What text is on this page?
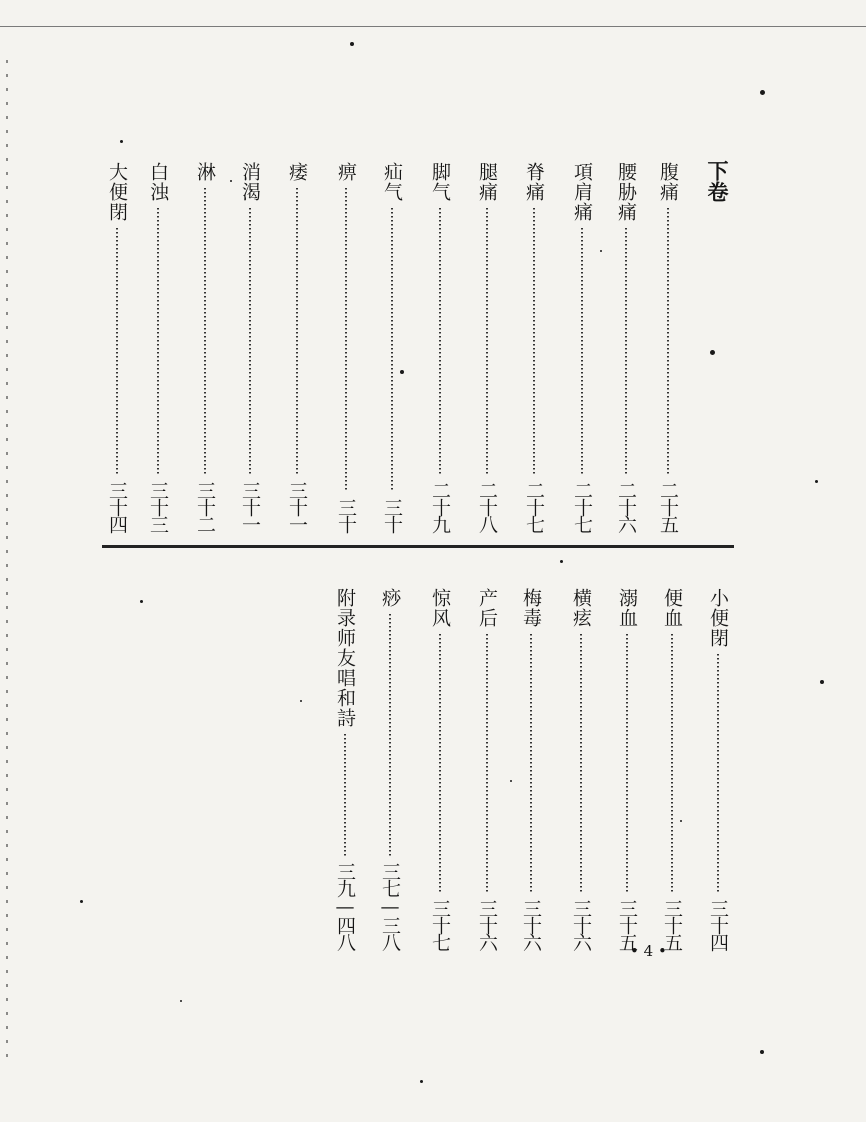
下卷
腹痛
二十五
腰胁痛
二十六
項肩痛
二十七
脊痛
二十七
腿痛
二十八
脚气
二十九
疝气
三十
痹
三十
痿
三十一
消渴
三十一
淋
三十二
白浊
三十三
大便閉
三十四
小便閉
三十四
便血
三十五
溺血
三十五
横痃
三十六
梅毒
三十六
产后
三十六
惊风
三十七
痧
三七—三八
附录师友唱和詩
三九—四八
• 4 •
